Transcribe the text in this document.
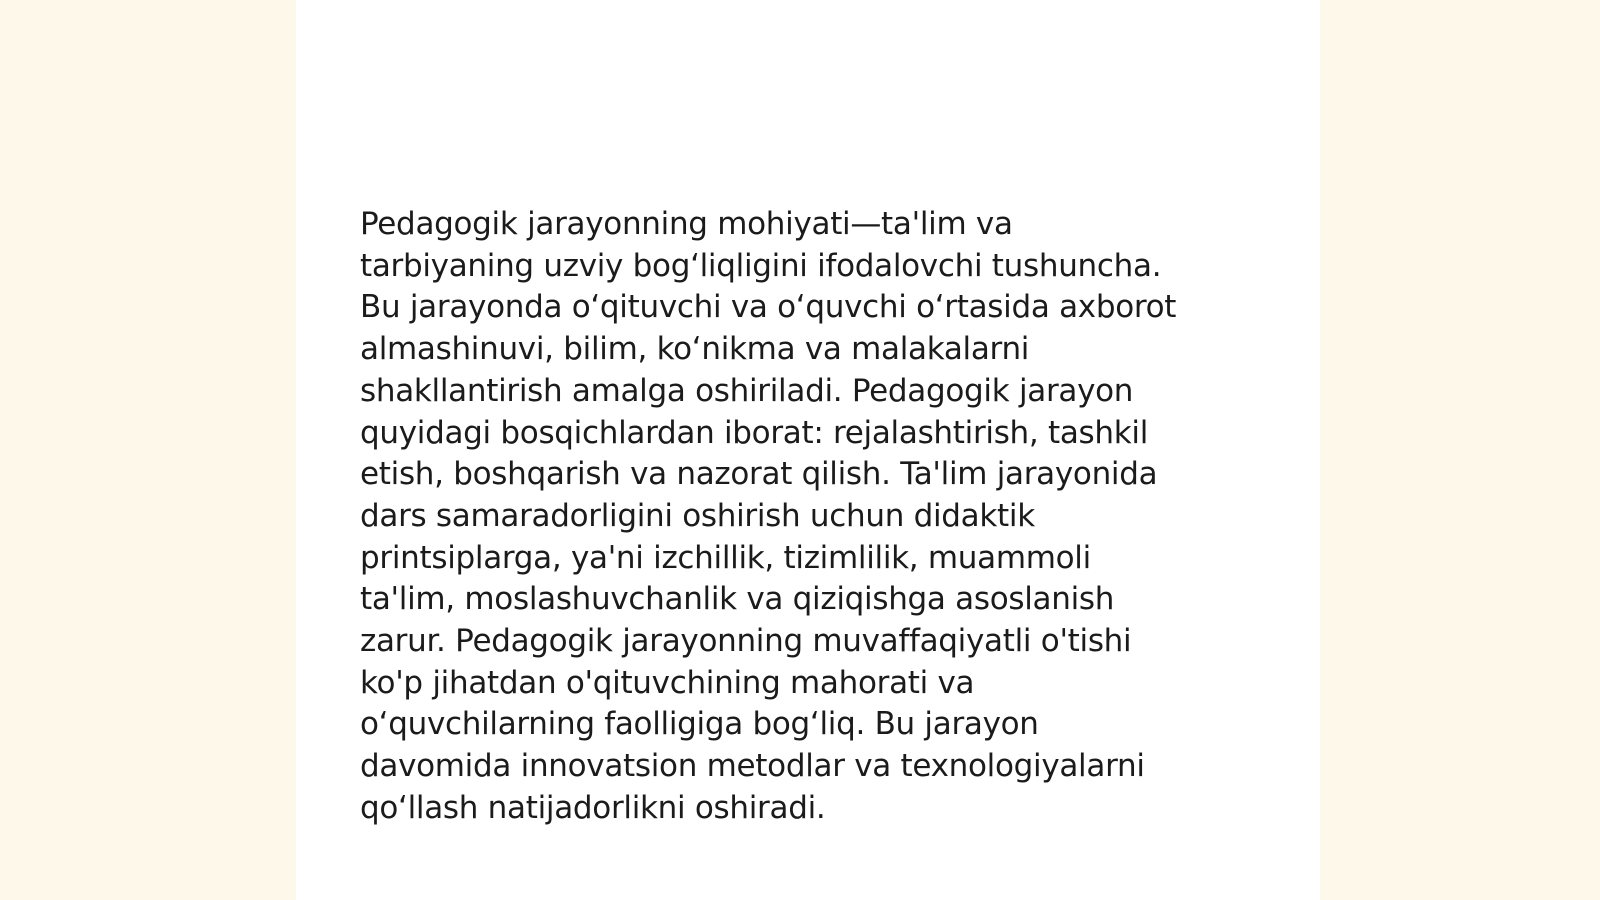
Pedagogik jarayonning mohiyati—ta'lim va
tarbiyaning uzviy bog‘liqligini ifodalovchi tushuncha.
Bu jarayonda o‘qituvchi va o‘quvchi o‘rtasida axborot
almashinuvi, bilim, ko‘nikma va malakalarni
shakllantirish amalga oshiriladi. Pedagogik jarayon
quyidagi bosqichlardan iborat: rejalashtirish, tashkil
etish, boshqarish va nazorat qilish. Ta'lim jarayonida
dars samaradorligini oshirish uchun didaktik
printsiplarga, ya'ni izchillik, tizimlilik, muammoli
ta'lim, moslashuvchanlik va qiziqishga asoslanish
zarur. Pedagogik jarayonning muvaffaqiyatli o'tishi
ko'p jihatdan o'qituvchining mahorati va
o‘quvchilarning faolligiga bog‘liq. Bu jarayon
davomida innovatsion metodlar va texnologiyalarni
qo‘llash natijadorlikni oshiradi.
